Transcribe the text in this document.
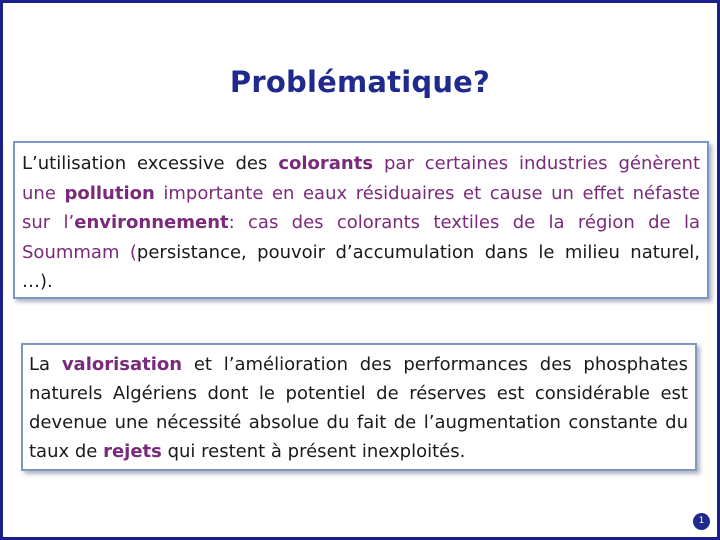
Problématique?
L’utilisation excessive des colorants par certaines industries génèrent une pollution importante en eaux résiduaires et cause un effet néfaste sur l’environnement: cas des colorants textiles de la région de la Soummam (persistance, pouvoir d’accumulation dans le milieu naturel, …).
La valorisation et l’amélioration des performances des phosphates naturels Algériens dont le potentiel de réserves est considérable est devenue une nécessité absolue du fait de l’augmentation constante du taux de rejets qui restent à présent inexploités.
1
